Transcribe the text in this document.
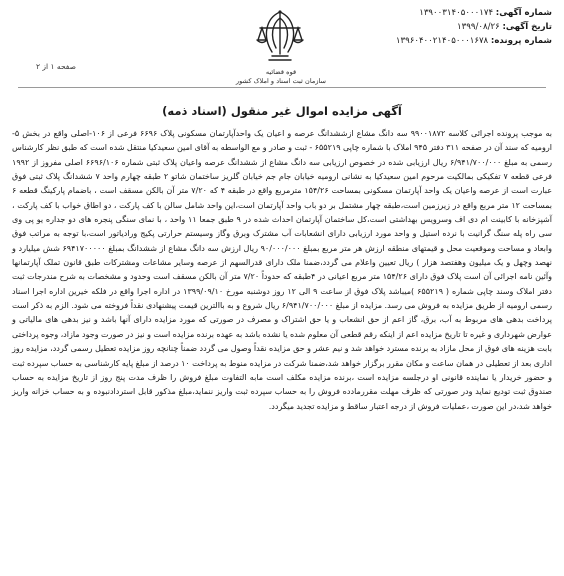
شماره آگهی: ۱۳۹۰۰۳۱۴۰۵۰۰۰۱۷۴
تاریخ آگهی: ۱۳۹۹/۰۸/۲۶
شماره پرونده: ۱۳۹۶۰۴۰۰۲۱۴۰۵۰۰۰۱۶۷۸
قوه قضائیه
سازمان ثبت اسناد و املاک کشور
صفحه ۱ از ۲
آگهی مزایده اموال غیر منقول (اسناد ذمه)
به موجب پرونده اجرائی کلاسه ۹۹۰۰۱۸۷۲ سه دانگ مشاع ازششدانگ عرصه و اعیان یک واحدآپارتمان مسکونی پلاک ۶۶۹۶ فرعی از ۱۰۶-اصلی واقع در بخش ۵- ارومیه که سند آن در صفحه ۳۱۱ دفتر ۹۴۵ املاک با شماره چاپی ۶۵۵۲۱۹ - ثبت و صادر و مع الواسطه به آقای امین سعیدکیا منتقل شده است که طبق نظر کارشناس رسمی به مبلغ ۶/۹۴۱/۷۰۰/۰۰۰ ریال ارزیابی شده در خصوص ارزیابی سه دانگ مشاع از ششدانگ عرصه واعیان پلاک ثبتی شماره ۶۶۹۶/۱۰۶ اصلی مفروز از ۱۹۹۲ فرعی قطعه ۷ تفکیکی بمالکیت مرحوم امین سعیدکیا به نشانی ارومیه خیابان جام جم خیابان گلریز ساختمان شاتو ۲ طبقه چهارم واحد ۷ ششدانگ پلاک ثبتی فوق عبارت است از عرصه واعیان یک واحد آپارتمان مسکونی بمساحت ۱۵۴/۲۶ مترمربع واقع در طبقه ۴ که ۷/۲۰ متر آن بالکن مسقف است ، باضمام پارکینگ قطعه ۶ بمساحت ۱۲ متر مربع واقع در زیرزمین است،طبقه چهار مشتمل بر دو باب واحد آپارتمان است،این واحد شامل سالن با کف پارکت ، دو اطاق خواب با کف پارکت ، آشپزخانه با کابینت ام دی اف وسرویس بهداشتی است،کل ساختمان آپارتمان احداث شده در ۹ طبق جمعا ۱۱ واحد ، با نمای سنگی پنجره های دو جداره یو پی وی سی راه پله سنگ گرانیت با نرده استیل و واحد مورد ارزیابی دارای انشعابات آب مشترک وبرق وگاز وسیستم حرارتی پکیج ورادیاتور است،با توجه به مراتب فوق وابعاد و مساحت وموقعیت محل و قیمتهای منطقه ارزش هر متر مربع بمبلغ ۹۰/۰۰۰/۰۰۰ ریال ارزش سه دانگ مشاع از ششدانگ بمبلغ ۶۹۴۱۷۰۰۰۰۰ شش میلیارد و نهصد وچهل و یک میلیون وهفتصد هزار ) ریال تعیین واعلام می گردد،ضمنا ملک دارای قدرالسهم از عرصه وسایر مشاعات ومشترکات طبق قانون تملک آپارتمانها وآئین نامه اجرائی آن است پلاک فوق دارای ۱۵۴/۲۶ متر مربع اعیانی در ۴طبقه که حدوداً ۷/۲۰ متر آن بالکن مسقف است وحدود و مشخصات به شرح مندرجات ثبت دفتر املاک وسند چاپی شماره ( ۶۵۵۲۱۹ )میباشد پلاک فوق از ساعت ۹ الی ۱۲ روز دوشنبه مورخ ۱۳۹۹/۰۹/۱۰ در اداره اجرا واقع در فلکه خیرین اداره اجرا اسناد رسمی ارومیه از طریق مزایده به فروش می رسد. مزایده از مبلغ ۶/۹۴۱/۷۰۰/۰۰۰ ریال شروع و به باالترین قیمت پیشنهادی نقداً فروخته می شود. الزم به ذکر است پرداخت بدهی های مربوط به آب، برق، گاز اعم از حق انشعاب و یا حق اشتراک و مصرف در صورتی که مورد مزایده دارای آنها باشد و نیز بدهی های مالیاتی و عوارض شهرداری و غیره تا تاریخ مزایده اعم از اینکه رقم قطعی آن معلوم شده یا نشده باشد به عهده برنده مزایده است و نیز در صورت وجود مازاد، وجوه پرداختی بابت هزینه های فوق از محل مازاد به برنده مسترد خواهد شد و نیم عشر و حق مزایده نقداً وصول می گردد ضمناً چنانچه روز مزایده تعطیل رسمی گردد، مزایده روز اداری بعد از تعطیلی در همان ساعت و مکان مقرر برگزار خواهد شد،ضمنا شرکت در مزایده منوط به پرداخت ۱۰ درصد از مبلغ پایه کارشناسی به حساب سپرده ثبت و حضور خریدار یا نماینده قانونی او درجلسه مزایده است ،برنده مزایده مکلف است مابه التفاوت مبلغ فروش را ظرف مدت پنج روز از تاریخ مزایده به حساب صندوق ثبت تودیع نماید ودر صورتی که ظرف مهلت مقررمادده فروش را به حساب سپرده ثبت واریز ننماید،مبلغ مذکور قابل استردادنبوده و به حساب خزانه واریز خواهد شد،در این صورت ،عملیات فروش از درجه اعتبار ساقط و مزایده تجدید میگردد.
